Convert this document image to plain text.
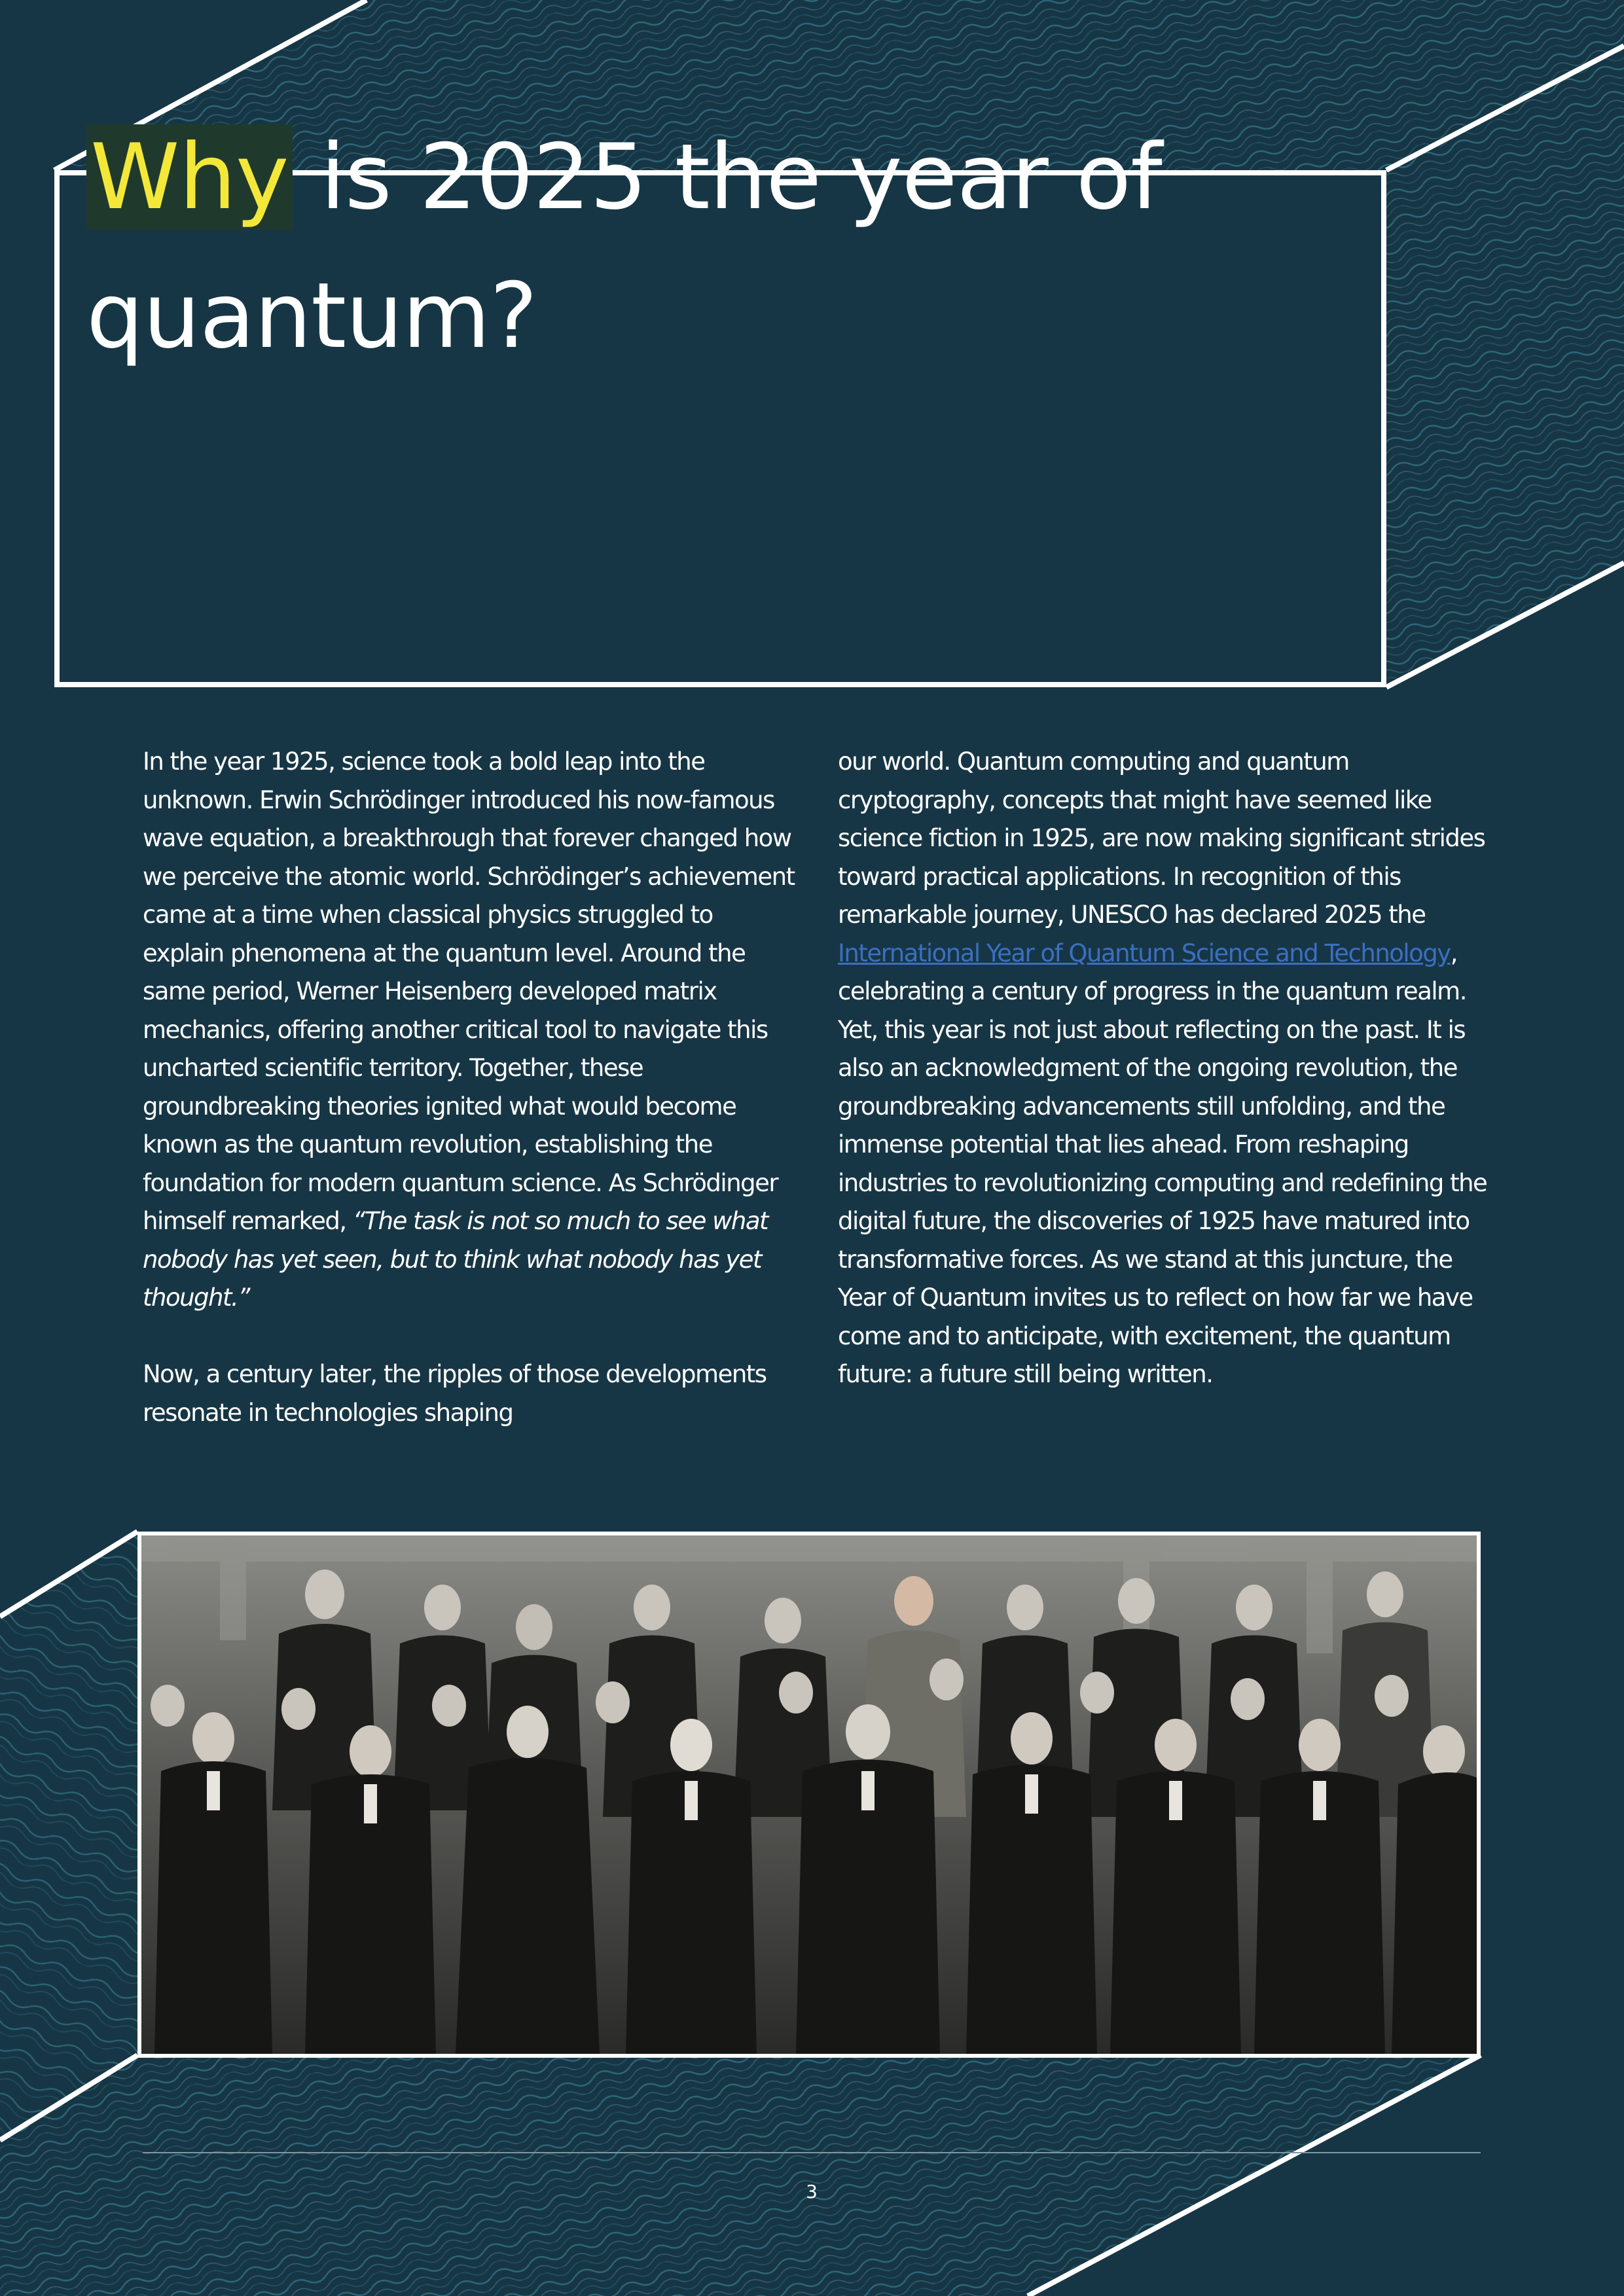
Why is 2025 the year of quantum?

In the year 1925, science took a bold leap into the unknown. Erwin Schrödinger introduced his now-famous wave equation, a breakthrough that forever changed how we perceive the atomic world. Schrödinger’s achievement came at a time when classical physics struggled to explain phenomena at the quantum level. Around the same period, Werner Heisenberg developed matrix mechanics, offering another critical tool to navigate this uncharted scientific territory. Together, these groundbreaking theories ignited what would become known as the quantum revolution, establishing the foundation for modern quantum science. As Schrödinger himself remarked, “The task is not so much to see what nobody has yet seen, but to think what nobody has yet thought.”

Now, a century later, the ripples of those developments resonate in technologies shaping

our world. Quantum computing and quantum cryptography, concepts that might have seemed like science fiction in 1925, are now making significant strides toward practical applications. In recognition of this remarkable journey, UNESCO has declared 2025 the International Year of Quantum Science and Technology, celebrating a century of progress in the quantum realm. Yet, this year is not just about reflecting on the past. It is also an acknowledgment of the ongoing revolution, the groundbreaking advancements still unfolding, and the immense potential that lies ahead. From reshaping industries to revolutionizing computing and redefining the digital future, the discoveries of 1925 have matured into transformative forces. As we stand at this juncture, the Year of Quantum invites us to reflect on how far we have come and to anticipate, with excitement, the quantum future: a future still being written.

3
